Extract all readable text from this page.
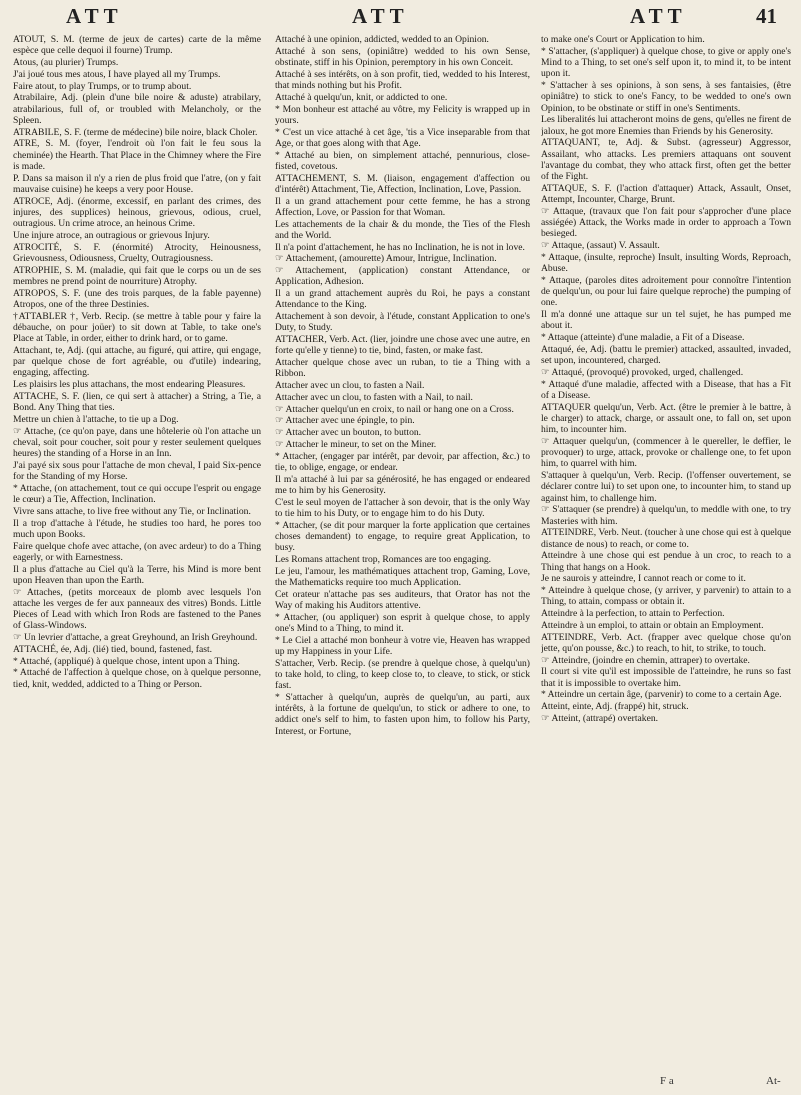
ATT	ATT	ATT	41

ATOUT, S. M. (terme de jeux de cartes) carte de la même espèce que celle dequoi il fourne) Trump.

Atous, (au plurier) Trumps.

J'ai joué tous mes atous, I have played all my Trumps.

Faire atout, to play Trumps, or to trump about.

Atrabilaire, Adj. (plein d'une bile noire & aduste) atrabilary, atrabilarious, full of, or troubled with Melancholy, or the Spleen.

ATRABILE, S. F. (terme de médecine) bile noire, black Choler.

ATRE, S. M. (foyer, l'endroit où l'on fait le feu sous la cheminée) the Hearth. That Place in the Chimney where the Fire is made.

P. Dans sa maison il n'y a rien de plus froid que l'atre, (on y fait mauvaise cuisine) he keeps a very poor House.

ATROCE, Adj. (énorme, excessif, en parlant des crimes, des injures, des supplices) heinous, grievous, odious, cruel, outragious. Un crime atroce, an heinous Crime.

Une injure atroce, an outragious or grievous Injury.

ATROCITÉ, S. F. (énormité) Atrocity, Heinousness, Grievousness, Odiousness, Cruelty, Outragiousness.

ATROPHIE, S. M. (maladie, qui fait que le corps ou un de ses membres ne prend point de nourriture) Atrophy.

ATROPOS, S. F. (une des trois parques, de la fable payenne) Atropos, one of the three Destinies.

†ATTABLER †, Verb. Recip. (se mettre à table pour y faire la débauche, on pour joüer) to sit down at Table, to take one's Place at Table, in order, either to drink hard, or to game.

Attachant, te, Adj. (qui attache, au figuré, qui attire, qui engage, par quelque chose de fort agréable, ou d'utile) indearing, engaging, affecting.

Les plaisirs les plus attachans, the most endearing Pleasures.

ATTACHE, S. F. (lien, ce qui sert à attacher) a String, a Tie, a Bond. Any Thing that ties.

Mettre un chien à l'attache, to tie up a Dog.

☞ Attache, (ce qu'on paye, dans une hôtelerie où l'on attache un cheval, soit pour coucher, soit pour y rester seulement quelques heures) the standing of a Horse in an Inn.

J'ai payé six sous pour l'attache de mon cheval, I paid Six-pence for the Standing of my Horse.

* Attache, (on attachement, tout ce qui occupe l'esprit ou engage le cœur) a Tie, Affection, Inclination.

Vivre sans attache, to live free without any Tie, or Inclination.

Il a trop d'attache à l'étude, he studies too hard, he pores too much upon Books.

Faire quelque chofe avec attache, (on avec ardeur) to do a Thing eagerly, or with Earnestness.

Il a plus d'attache au Ciel qu'à la Terre, his Mind is more bent upon Heaven than upon the Earth.

☞ Attaches, (petits morceaux de plomb avec lesquels l'on attache les verges de fer aux panneaux des vitres) Bonds. Little Pieces of Lead with which Iron Rods are fastened to the Panes of Glass-Windows.

☞ Un levrier d'attache, a great Greyhound, an Irish Greyhound.

ATTACHÉ, ée, Adj. (lié) tied, bound, fastened, fast.

* Attaché, (appliqué) à quelque chose, intent upon a Thing.

* Attaché de l'affection à quelque chose, on à quelque personne, tied, knit, wedded, addicted to a Thing or Person.

Attaché à une opinion, addicted, wedded to an Opinion.

Attaché à son sens, (opiniâtre) wedded to his own Sense, obstinate, stiff in his Opinion, peremptory in his own Conceit.

Attaché à ses intérêts, on à son profit, tied, wedded to his Interest, that minds nothing but his Profit.

Attaché à quelqu'un, knit, or addicted to one.

* Mon bonheur est attaché au vôtre, my Felicity is wrapped up in yours.

* C'est un vice attaché à cet âge, 'tis a Vice inseparable from that Age, or that goes along with that Age.

* Attaché au bien, on simplement attaché, pennurious, close-fisted, covetous.

ATTACHEMENT, S. M. (liaison, engagement d'affection ou d'intérêt) Attachment, Tie, Affection, Inclination, Love, Passion.

Il a un grand attachement pour cette femme, he has a strong Affection, Love, or Passion for that Woman.

Les attachements de la chair & du monde, the Ties of the Flesh and the World.

Il n'a point d'attachement, he has no Inclination, he is not in love.

☞ Attachement, (amourette) Amour, Intrigue, Inclination.

☞ Attachement, (application) constant Attendance, or Application, Adhesion.

Il a un grand attachement auprès du Roi, he pays a constant Attendance to the King.

Attachement à son devoir, à l'étude, constant Application to one's Duty, to Study.

ATTACHER, Verb. Act. (lier, joindre une chose avec une autre, en forte qu'elle y tienne) to tie, bind, fasten, or make fast.

Attacher quelque chose avec un ruban, to tie a Thing with a Ribbon.

Attacher avec un clou, to fasten a Nail.

Attacher avec un clou, to fasten with a Nail, to nail.

☞ Attacher quelqu'un en croix, to nail or hang one on a Cross.

☞ Attacher avec une épingle, to pin.

☞ Attacher avec un bouton, to button.

☞ Attacher le mineur, to set on the Miner.

* Attacher, (engager par intérêt, par devoir, par affection, &c.) to tie, to oblige, engage, or endear.

Il m'a attaché à lui par sa générosité, he has engaged or endeared me to him by his Generosity.

C'est le seul moyen de l'attacher à son devoir, that is the only Way to tie him to his Duty, or to engage him to do his Duty.

* Attacher, (se dit pour marquer la forte application que certaines choses demandent) to engage, to require great Application, to busy.

Les Romans attachent trop, Romances are too engaging.

Le jeu, l'amour, les mathématiques attachent trop, Gaming, Love, the Mathematicks require too much Application.

Cet orateur n'attache pas ses auditeurs, that Orator has not the Way of making his Auditors attentive.

* Attacher, (ou appliquer) son esprit à quelque chose, to apply one's Mind to a Thing, to mind it.

* Le Ciel a attaché mon bonheur à votre vie, Heaven has wrapped up my Happiness in your Life.

S'attacher, Verb. Recip. (se prendre à quelque chose, à quelqu'un) to take hold, to cling, to keep close to, to cleave, to stick, or stick fast.

* S'attacher à quelqu'un, auprès de quelqu'un, au parti, aux intérêts, à la fortune de quelqu'un, to stick or adhere to one, to addict one's self to him, to fasten upon him, to follow his Party, Interest, or Fortune,

to make one's Court or Application to him.

* S'attacher, (s'appliquer) à quelque chose, to give or apply one's Mind to a Thing, to set one's self upon it, to mind it, to be intent upon it.

* S'attacher à ses opinions, à son sens, à ses fantaisies, (être opiniâtre) to stick to one's Fancy, to be wedded to one's own Opinion, to be obstinate or stiff in one's Sentiments.

Les liberalités lui attacheront moins de gens, qu'elles ne firent de jaloux, he got more Enemies than Friends by his Generosity.

ATTAQUANT, te, Adj. & Subst. (agresseur) Aggressor, Assailant, who attacks. Les premiers attaquans ont souvent l'avantage du combat, they who attack first, often get the better of the Fight.

ATTAQUE, S. F. (l'action d'attaquer) Attack, Assault, Onset, Attempt, Incounter, Charge, Brunt.

☞ Attaque, (travaux que l'on fait pour s'approcher d'une place assiégée) Attack, the Works made in order to approach a Town besieged.

☞ Attaque, (assaut) V. Assault.

* Attaque, (insulte, reproche) Insult, insulting Words, Reproach, Abuse.

* Attaque, (paroles dites adroitement pour connoître l'intention de quelqu'un, ou pour lui faire quelque reproche) the pumping of one.

Il m'a donné une attaque sur un tel sujet, he has pumped me about it.

* Attaque (atteinte) d'une maladie, a Fit of a Disease.

Attaqué, ée, Adj. (battu le premier) attacked, assaulted, invaded, set upon, incountered, charged.

☞ Attaqué, (provoqué) provoked, urged, challenged.

* Attaqué d'une maladie, affected with a Disease, that has a Fit of a Disease.

ATTAQUER quelqu'un, Verb. Act. (être le premier à le battre, à le charger) to attack, charge, or assault one, to fall on, set upon him, to incounter him.

☞ Attaquer quelqu'un, (commencer à le quereller, le deffier, le provoquer) to urge, attack, provoke or challenge one, to fet upon him, to quarrel with him.

S'attaquer à quelqu'un, Verb. Recip. (l'offenser ouvertement, se déclarer contre lui) to set upon one, to incounter him, to stand up against him, to challenge him.

☞ S'attaquer (se prendre) à quelqu'un, to meddle with one, to try Masteries with him.

ATTEINDRE, Verb. Neut. (toucher à une chose qui est à quelque distance de nous) to reach, or come to.

Atteindre à une chose qui est pendue à un croc, to reach to a Thing that hangs on a Hook.

Je ne saurois y atteindre, I cannot reach or come to it.

* Atteindre à quelque chose, (y arriver, y parvenir) to attain to a Thing, to attain, compass or obtain it.

Atteindre à la perfection, to attain to Perfection.

Atteindre à un emploi, to attain or obtain an Employment.

ATTEINDRE, Verb. Act. (frapper avec quelque chose qu'on jette, qu'on pousse, &c.) to reach, to hit, to strike, to touch.

☞ Atteindre, (joindre en chemin, attraper) to overtake.

Il court si vite qu'il est impossible de l'atteindre, he runs so fast that it is impossible to overtake him.

* Atteindre un certain âge, (parvenir) to come to a certain Age.

Atteint, einte, Adj. (frappé) hit, struck.

☞ Atteint, (attrapé) overtaken.

F a	At-
